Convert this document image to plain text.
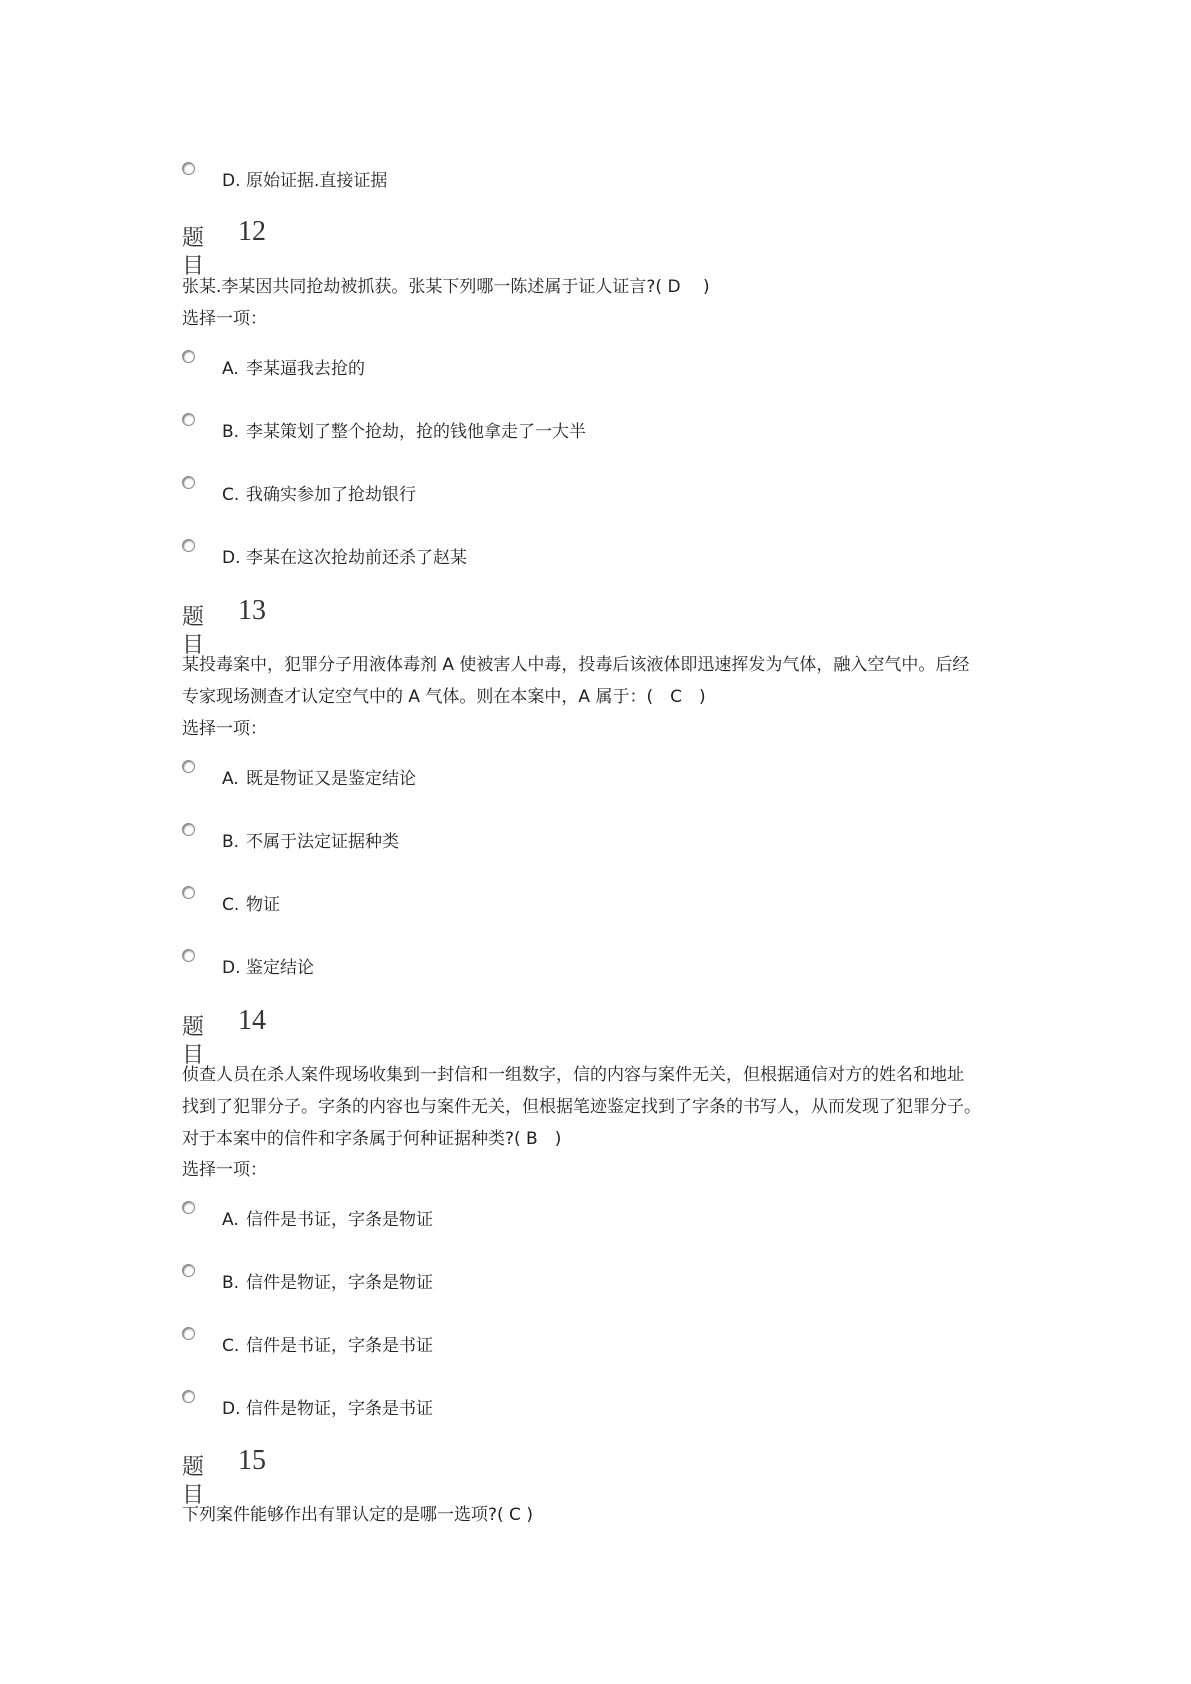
D. 原始证据.直接证据
题目
12
张某.李某因共同抢劫被抓获。张某下列哪一陈述属于证人证言?( D　 )
选择一项：
A. 李某逼我去抢的
B. 李某策划了整个抢劫，抢的钱他拿走了一大半
C. 我确实参加了抢劫银行
D. 李某在这次抢劫前还杀了赵某
题目
13
某投毒案中，犯罪分子用液体毒剂 A 使被害人中毒，投毒后该液体即迅速挥发为气体，融入空气中。后经
专家现场测查才认定空气中的 A 气体。则在本案中，A 属于：(　C　)
选择一项：
A. 既是物证又是鉴定结论
B. 不属于法定证据种类
C. 物证
D. 鉴定结论
题目
14
侦查人员在杀人案件现场收集到一封信和一组数字，信的内容与案件无关，但根据通信对方的姓名和地址
找到了犯罪分子。字条的内容也与案件无关，但根据笔迹鉴定找到了字条的书写人，从而发现了犯罪分子。
对于本案中的信件和字条属于何种证据种类?( B　)
选择一项：
A. 信件是书证，字条是物证
B. 信件是物证，字条是物证
C. 信件是书证，字条是书证
D. 信件是物证，字条是书证
题目
15
下列案件能够作出有罪认定的是哪一选项?( C )
